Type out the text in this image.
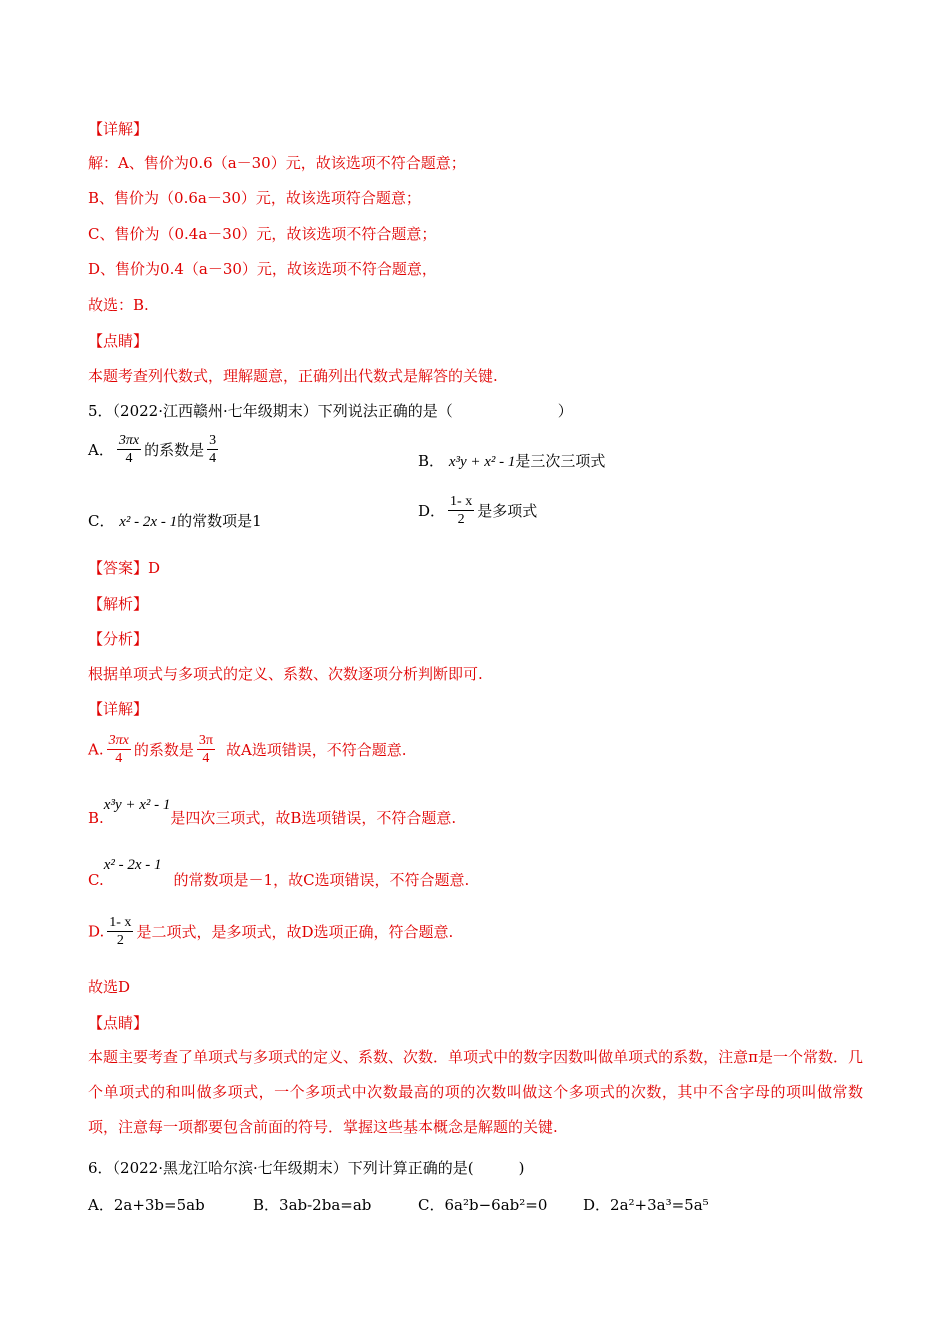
【详解】
解：A、售价为0.6（a－30）元，故该选项不符合题意；
B、售价为（0.6a－30）元，故该选项符合题意；
C、售价为（0.4a－30）元，故该选项不符合题意；
D、售价为0.4（a－30）元，故该选项不符合题意，
故选：B.
【点睛】
本题考查列代数式，理解题意，正确列出代数式是解答的关键.
5．（2022·江西赣州·七年级期末）下列说法正确的是（　　　　　　　）
A． $\frac{3\pi x}{4}$ 的系数是 $\frac{3}{4}$	B． x³y + x² - 1是三次三项式
C． x² - 2x - 1的常数项是1
D． $\frac{1- x}{2}$ 是多项式
【答案】D
【解析】
【分析】
根据单项式与多项式的定义、系数、次数逐项分析判断即可.
【详解】
A. $\frac{3\pi x}{4}$ 的系数是 $\frac{3\pi}{4}$ 故A选项错误，不符合题意.
B.x³y + x² - 1是四次三项式，故B选项错误，不符合题意.
C.x² - 2x - 1的常数项是－1，故C选项错误，不符合题意.
D. $\frac{1- x}{2}$ 是二项式，是多项式，故D选项正确，符合题意.
故选D
【点睛】
本题主要考查了单项式与多项式的定义、系数、次数．单项式中的数字因数叫做单项式的系数，注意π是一个常数．几个单项式的和叫做多项式，一个多项式中次数最高的项的次数叫做这个多项式的次数，其中不含字母的项叫做常数项，注意每一项都要包含前面的符号．掌握这些基本概念是解题的关键.
6．（2022·黑龙江哈尔滨·七年级期末）下列计算正确的是(　　　)
A．2a+3b=5ab	B．3ab-2ba=ab	C．6a²b−6ab²=0 D．2a²+3a³=5a⁵
